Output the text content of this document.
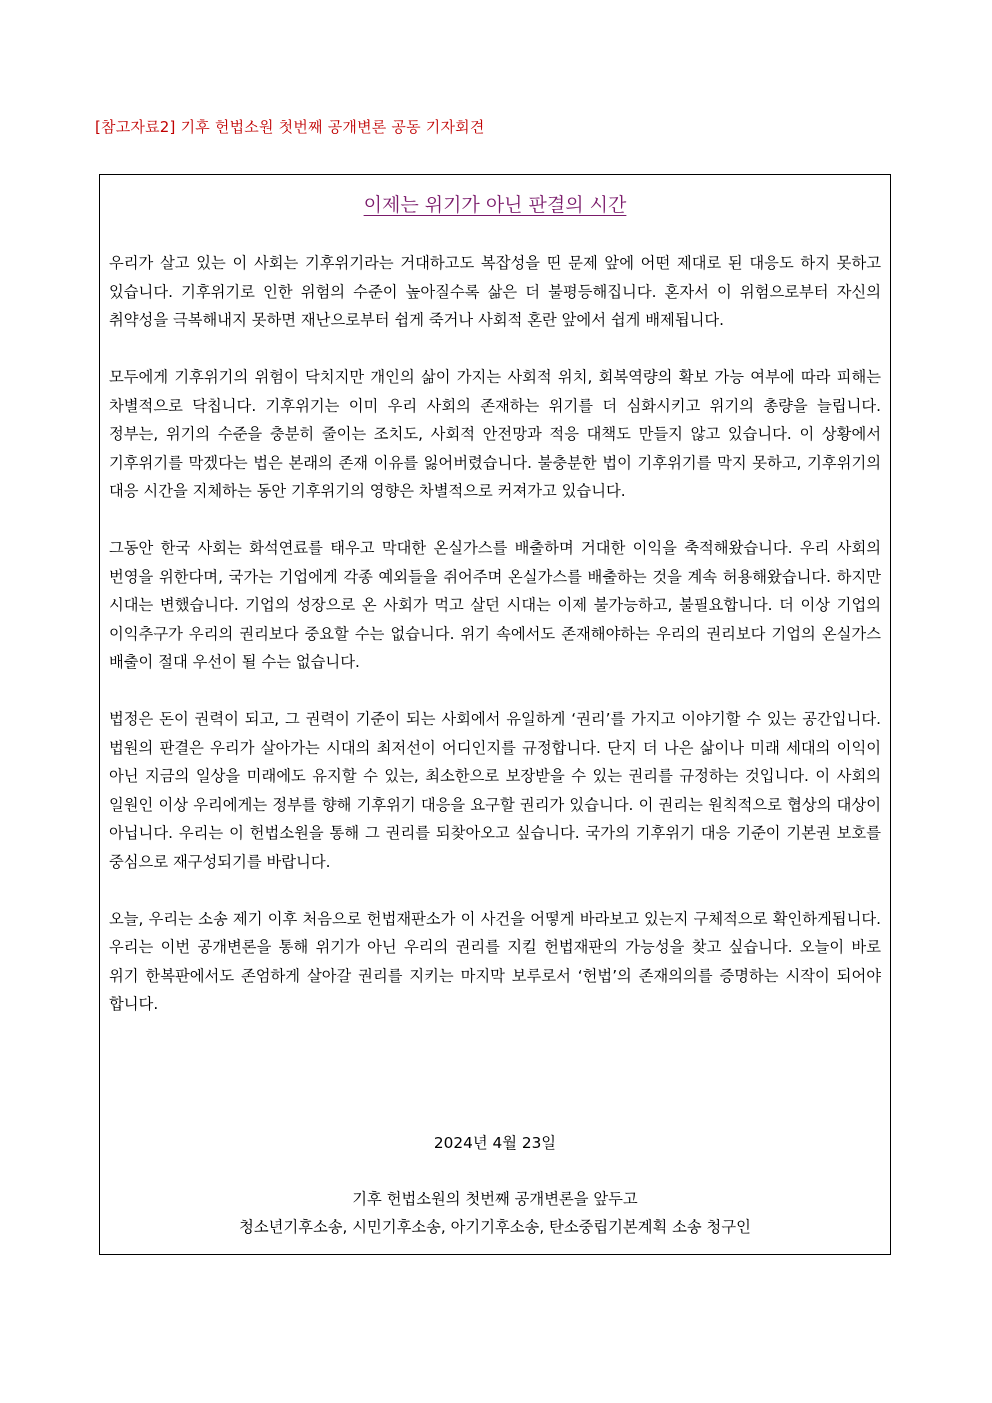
[참고자료2] 기후 헌법소원 첫번째 공개변론 공동 기자회견
이제는 위기가 아닌 판결의 시간

우리가 살고 있는 이 사회는 기후위기라는 거대하고도 복잡성을 띤 문제 앞에 어떤 제대로 된 대응도 하지 못하고 있습니다. 기후위기로 인한 위험의 수준이 높아질수록 삶은 더 불평등해집니다. 혼자서 이 위험으로부터 자신의 취약성을 극복해내지 못하면 재난으로부터 쉽게 죽거나 사회적 혼란 앞에서 쉽게 배제됩니다.

모두에게 기후위기의 위험이 닥치지만 개인의 삶이 가지는 사회적 위치, 회복역량의 확보 가능 여부에 따라 피해는 차별적으로 닥칩니다. 기후위기는 이미 우리 사회의 존재하는 위기를 더 심화시키고 위기의 총량을 늘립니다. 정부는, 위기의 수준을 충분히 줄이는 조치도, 사회적 안전망과 적응 대책도 만들지 않고 있습니다. 이 상황에서 기후위기를 막겠다는 법은 본래의 존재 이유를 잃어버렸습니다. 불충분한 법이 기후위기를 막지 못하고, 기후위기의 대응 시간을 지체하는 동안 기후위기의 영향은 차별적으로 커져가고 있습니다.

그동안 한국 사회는 화석연료를 태우고 막대한 온실가스를 배출하며 거대한 이익을 축적해왔습니다. 우리 사회의 번영을 위한다며, 국가는 기업에게 각종 예외들을 쥐어주며 온실가스를 배출하는 것을 계속 허용해왔습니다. 하지만 시대는 변했습니다. 기업의 성장으로 온 사회가 먹고 살던 시대는 이제 불가능하고, 불필요합니다. 더 이상 기업의 이익추구가 우리의 권리보다 중요할 수는 없습니다. 위기 속에서도 존재해야하는 우리의 권리보다 기업의 온실가스 배출이 절대 우선이 될 수는 없습니다.

법정은 돈이 권력이 되고, 그 권력이 기준이 되는 사회에서 유일하게 ‘권리’를 가지고 이야기할 수 있는 공간입니다. 법원의 판결은 우리가 살아가는 시대의 최저선이 어디인지를 규정합니다. 단지 더 나은 삶이나 미래 세대의 이익이 아닌 지금의 일상을 미래에도 유지할 수 있는, 최소한으로 보장받을 수 있는 권리를 규정하는 것입니다. 이 사회의 일원인 이상 우리에게는 정부를 향해 기후위기 대응을 요구할 권리가 있습니다. 이 권리는 원칙적으로 협상의 대상이 아닙니다. 우리는 이 헌법소원을 통해 그 권리를 되찾아오고 싶습니다. 국가의 기후위기 대응 기준이 기본권 보호를 중심으로 재구성되기를 바랍니다.

오늘, 우리는 소송 제기 이후 처음으로 헌법재판소가 이 사건을 어떻게 바라보고 있는지 구체적으로 확인하게됩니다. 우리는 이번 공개변론을 통해 위기가 아닌 우리의 권리를 지킬 헌법재판의 가능성을 찾고 싶습니다. 오늘이 바로 위기 한복판에서도 존엄하게 살아갈 권리를 지키는 마지막 보루로서 ‘헌법’의 존재의의를 증명하는 시작이 되어야 합니다.

2024년 4월 23일
기후 헌법소원의 첫번째 공개변론을 앞두고
청소년기후소송, 시민기후소송, 아기기후소송, 탄소중립기본계획 소송 청구인
